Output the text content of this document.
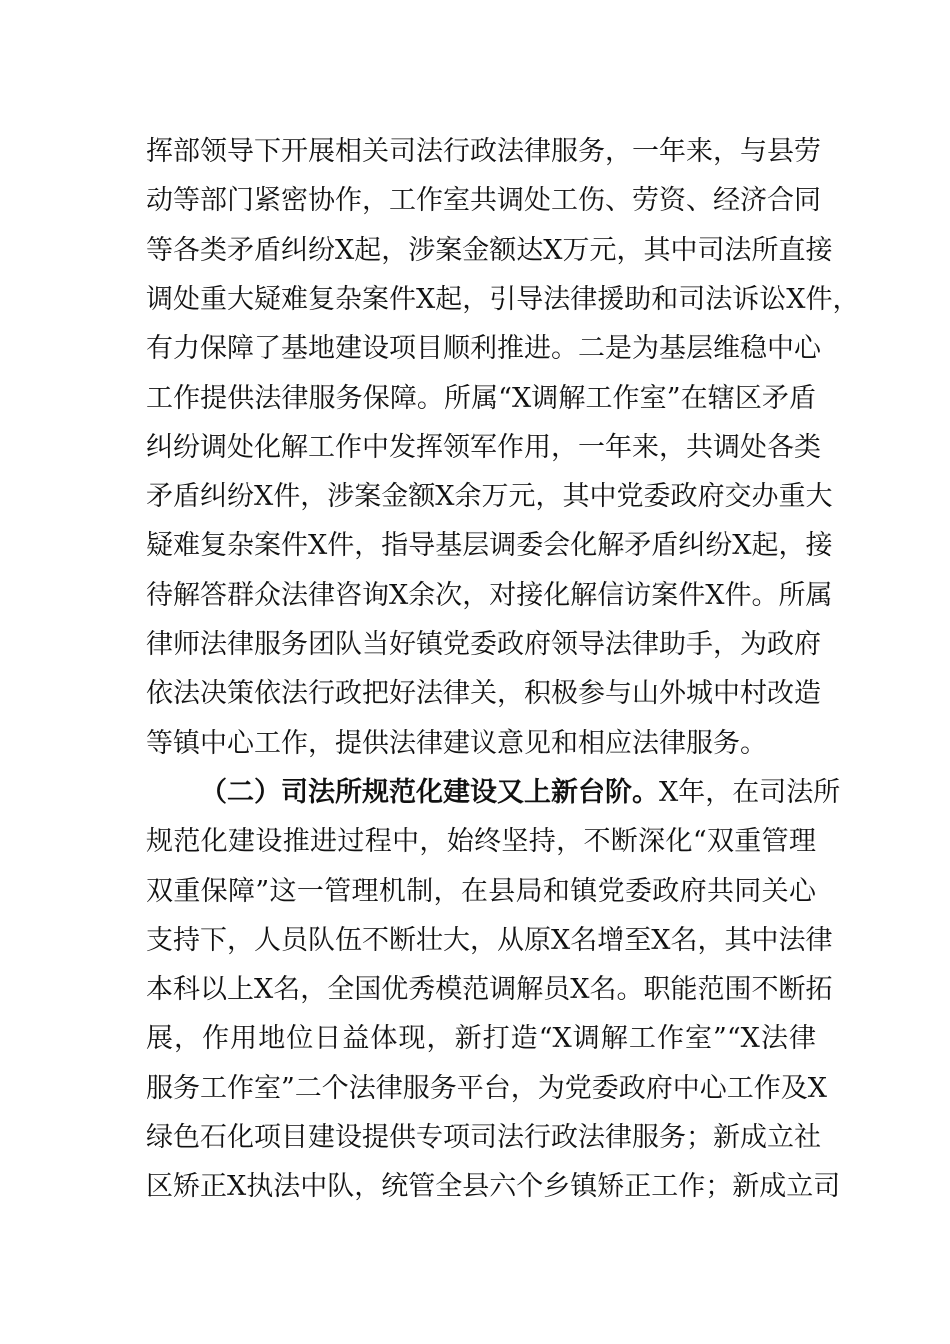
挥部领导下开展相关司法行政法律服务，一年来，与县劳
动等部门紧密协作，工作室共调处工伤、劳资、经济合同
等各类矛盾纠纷X起，涉案金额达X万元，其中司法所直接
调处重大疑难复杂案件X起，引导法律援助和司法诉讼X件，
有力保障了基地建设项目顺利推进。二是为基层维稳中心
工作提供法律服务保障。所属“X调解工作室”在辖区矛盾
纠纷调处化解工作中发挥领军作用，一年来，共调处各类
矛盾纠纷X件，涉案金额X余万元，其中党委政府交办重大
疑难复杂案件X件，指导基层调委会化解矛盾纠纷X起，接
待解答群众法律咨询X余次，对接化解信访案件X件。所属
律师法律服务团队当好镇党委政府领导法律助手，为政府
依法决策依法行政把好法律关，积极参与山外城中村改造
等镇中心工作，提供法律建议意见和相应法律服务。
（二）司法所规范化建设又上新台阶。X年，在司法所
规范化建设推进过程中，始终坚持，不断深化“双重管理
双重保障”这一管理机制，在县局和镇党委政府共同关心
支持下，人员队伍不断壮大，从原X名增至X名，其中法律
本科以上X名，全国优秀模范调解员X名。职能范围不断拓
展，作用地位日益体现，新打造“X调解工作室”“X法律
服务工作室”二个法律服务平台，为党委政府中心工作及X
绿色石化项目建设提供专项司法行政法律服务；新成立社
区矫正X执法中队，统管全县六个乡镇矫正工作；新成立司
